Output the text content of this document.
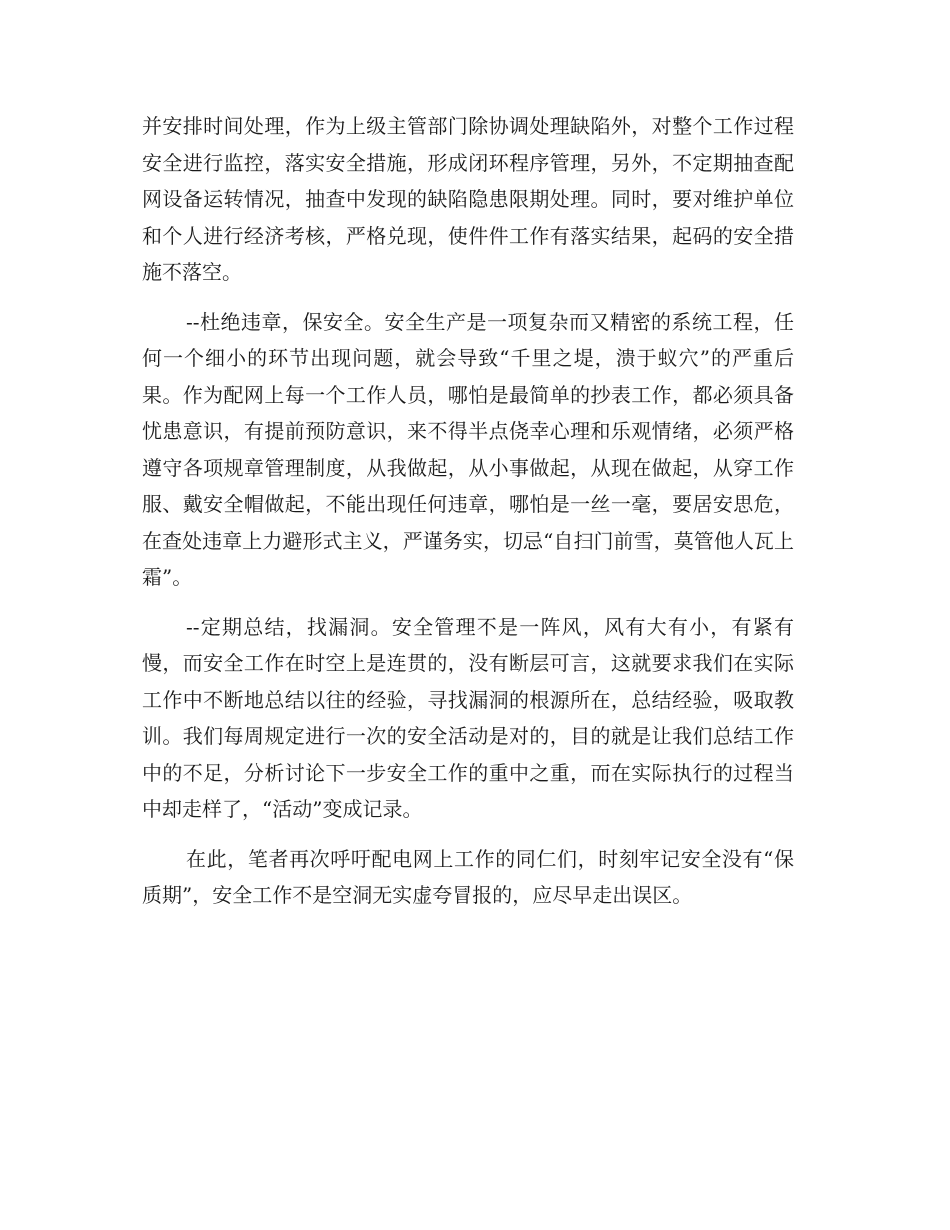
并安排时间处理，作为上级主管部门除协调处理缺陷外，对整个工作过程安全进行监控，落实安全措施，形成闭环程序管理，另外，不定期抽查配网设备运转情况，抽查中发现的缺陷隐患限期处理。同时，要对维护单位和个人进行经济考核，严格兑现，使件件工作有落实结果，起码的安全措施不落空。

--杜绝违章，保安全。安全生产是一项复杂而又精密的系统工程，任何一个细小的环节出现问题，就会导致“千里之堤，溃于蚁穴”的严重后果。作为配网上每一个工作人员，哪怕是最简单的抄表工作，都必须具备忧患意识，有提前预防意识，来不得半点侥幸心理和乐观情绪，必须严格遵守各项规章管理制度，从我做起，从小事做起，从现在做起，从穿工作服、戴安全帽做起，不能出现任何违章，哪怕是一丝一毫，要居安思危，在查处违章上力避形式主义，严谨务实，切忌“自扫门前雪，莫管他人瓦上霜”。

--定期总结，找漏洞。安全管理不是一阵风，风有大有小，有紧有慢，而安全工作在时空上是连贯的，没有断层可言，这就要求我们在实际工作中不断地总结以往的经验，寻找漏洞的根源所在，总结经验，吸取教训。我们每周规定进行一次的安全活动是对的，目的就是让我们总结工作中的不足，分析讨论下一步安全工作的重中之重，而在实际执行的过程当中却走样了，“活动”变成记录。

在此，笔者再次呼吁配电网上工作的同仁们，时刻牢记安全没有“保质期”，安全工作不是空洞无实虚夸冒报的，应尽早走出误区。
